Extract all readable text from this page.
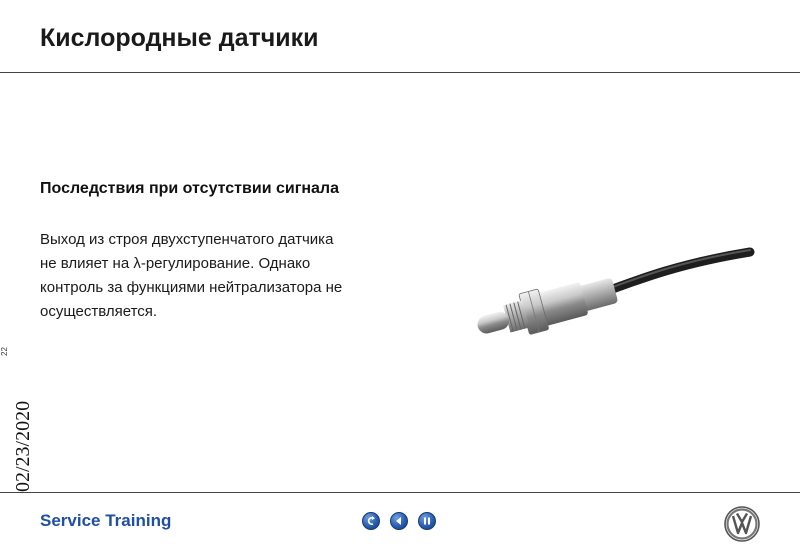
Кислородные датчики
Последствия при отсутствии сигнала
Выход из строя двухступенчатого датчика
не влияет на λ-регулирование. Однако
контроль за функциями нейтрализатора не
осуществляется.
22
02/23/2020
Service Training
